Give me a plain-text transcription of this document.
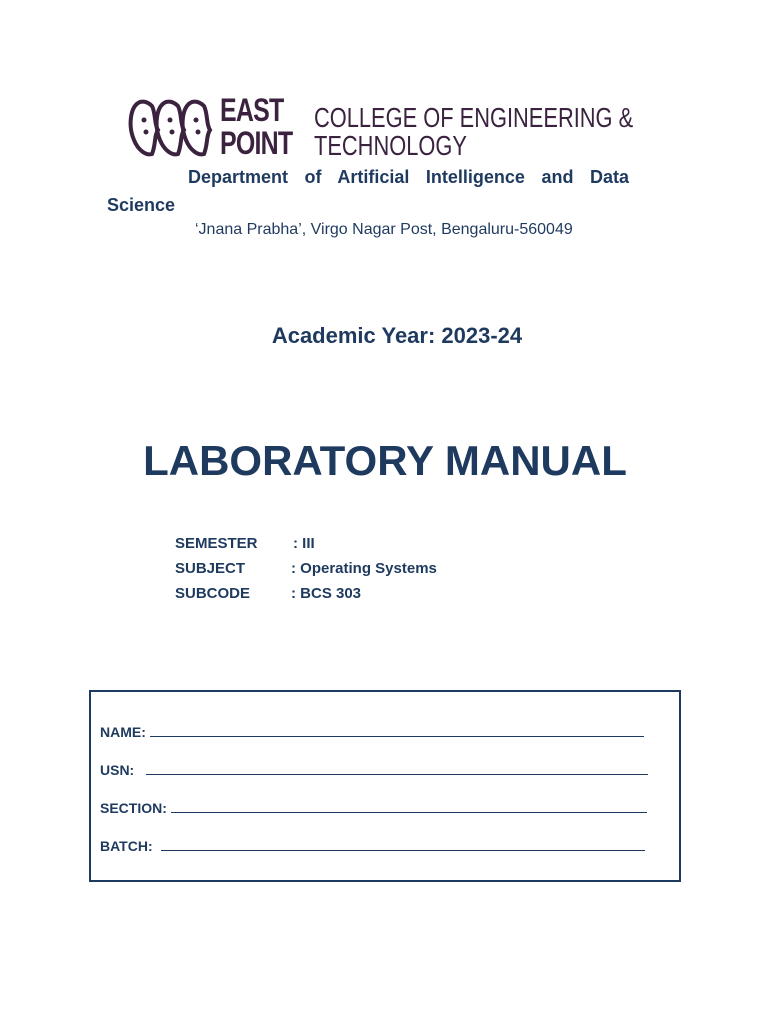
EAST
POINT
COLLEGE OF ENGINEERING &
TECHNOLOGY
Department of Artificial Intelligence and Data Science
‘Jnana Prabha’, Virgo Nagar Post, Bengaluru-560049
Academic Year: 2023-24
LABORATORY MANUAL
SEMESTER : III
SUBJECT	: Operating Systems
SUBCODE	: BCS 303
NAME:
USN:
SECTION:
BATCH:
